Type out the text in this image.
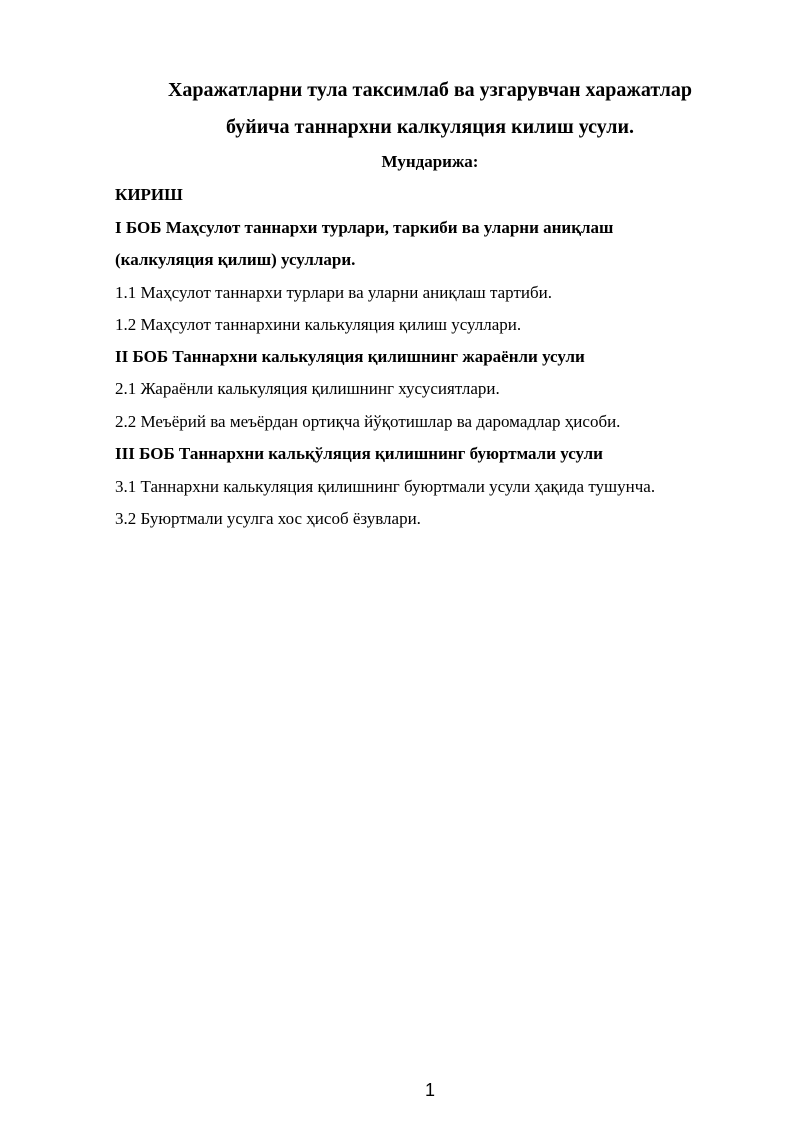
Харажатларни тула таксимлаб ва узгарувчан харажатлар
буйича таннархни калкуляция килиш усули.
Мундарижа:
КИРИШ
I БОБ Маҳсулот таннархи турлари, таркиби ва уларни аниқлаш
(калкуляция қилиш) усуллари.
1.1 Маҳсулот таннархи турлари ва уларни аниқлаш тартиби.
1.2 Маҳсулот таннархини калькуляция қилиш усуллари.
II БОБ Таннархни калькуляция қилишнинг жараёнли усули
2.1 Жараёнли калькуляция қилишнинг хусусиятлари.
2.2 Меъёрий ва меъёрдан ортиқча йўқотишлар ва даромадлар ҳисоби.
III БОБ Таннархни кальқўляция қилишнинг буюртмали усули
3.1 Таннархни калькуляция қилишнинг буюртмали усули ҳақида тушунча.
3.2 Буюртмали усулга хос ҳисоб ёзувлари.
1
